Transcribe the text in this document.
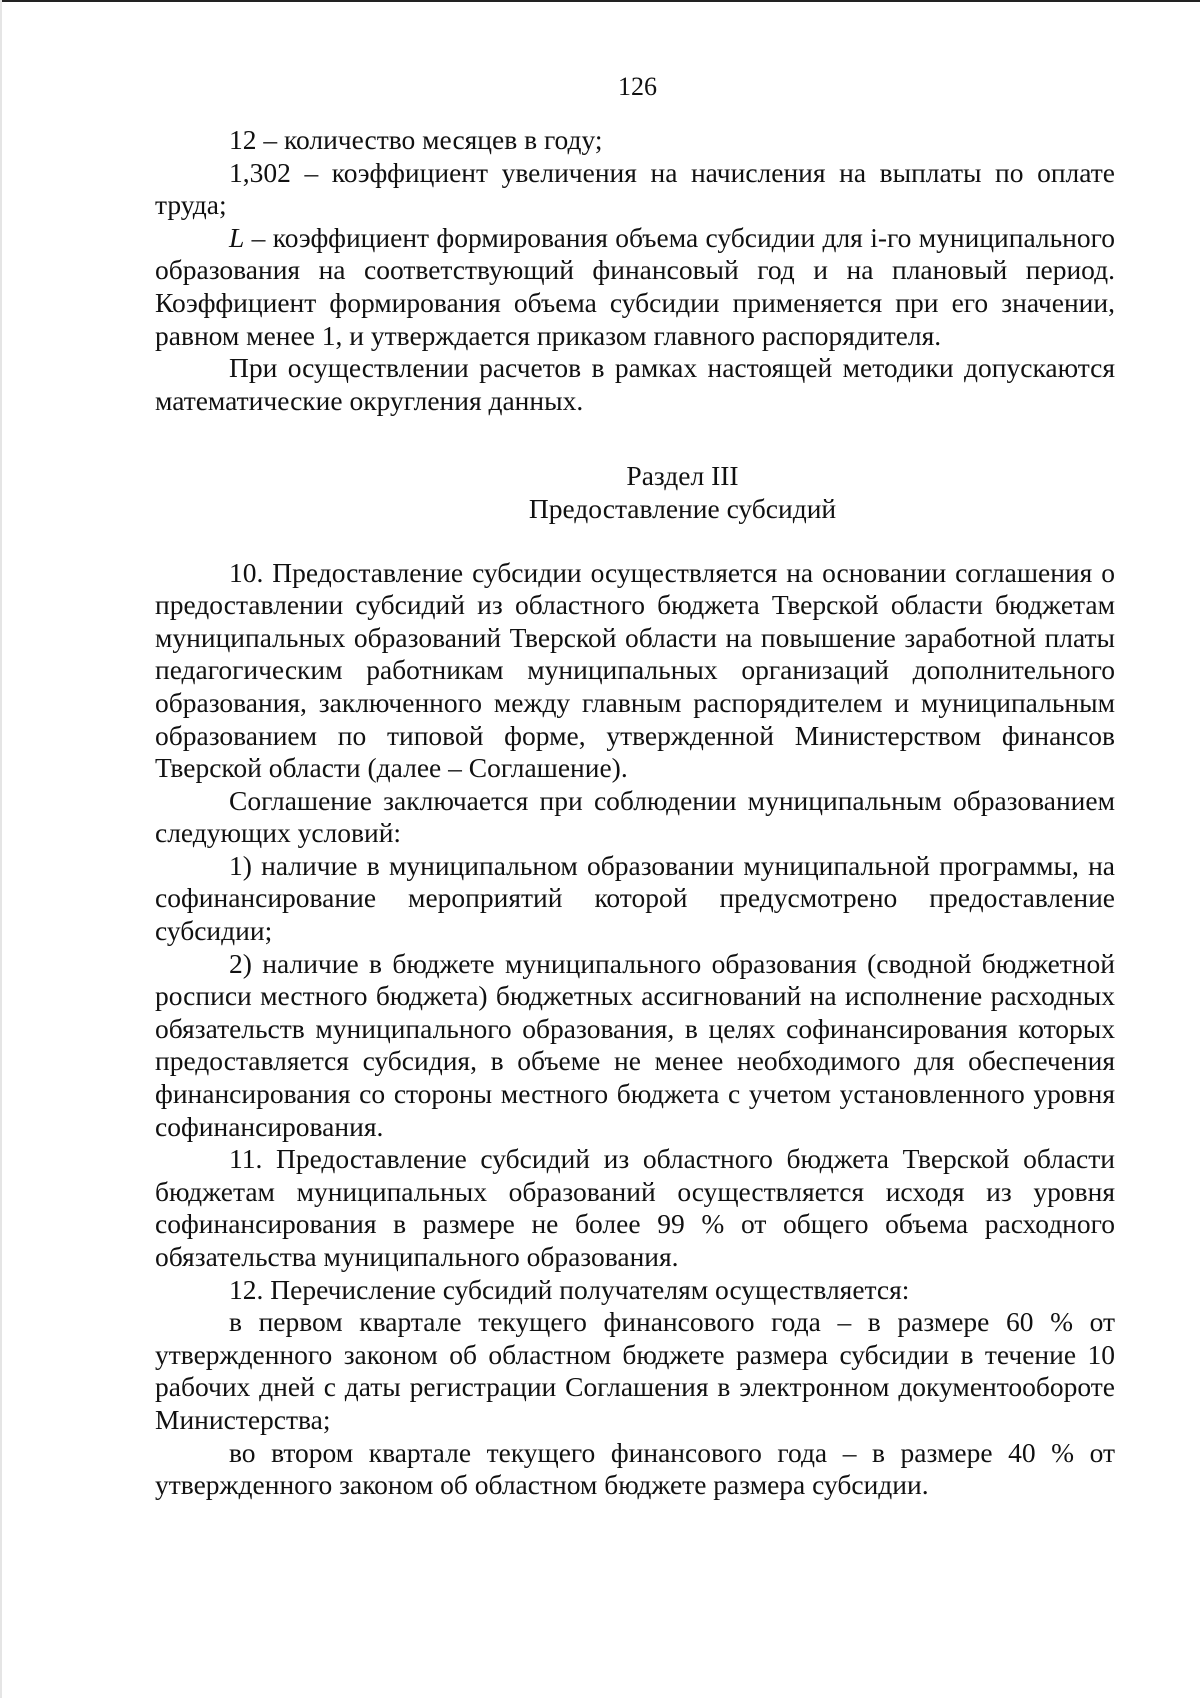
126

12 – количество месяцев в году;

1,302 – коэффициент увеличения на начисления на выплаты по оплате труда;

L – коэффициент формирования объема субсидии для i-го муниципального образования на соответствующий финансовый год и на плановый период. Коэффициент формирования объема субсидии применяется при его значении, равном менее 1, и утверждается приказом главного распорядителя.

При осуществлении расчетов в рамках настоящей методики допускаются математические округления данных.

Раздел III

Предоставление субсидий

10. Предоставление субсидии осуществляется на основании соглашения о предоставлении субсидий из областного бюджета Тверской области бюджетам муниципальных образований Тверской области на повышение заработной платы педагогическим работникам муниципальных организаций дополнительного образования, заключенного между главным распорядителем и муниципальным образованием по типовой форме, утвержденной Министерством финансов Тверской области (далее – Соглашение).

Соглашение заключается при соблюдении муниципальным образованием следующих условий:

1) наличие в муниципальном образовании муниципальной программы, на софинансирование мероприятий которой предусмотрено предоставление субсидии;

2) наличие в бюджете муниципального образования (сводной бюджетной росписи местного бюджета) бюджетных ассигнований на исполнение расходных обязательств муниципального образования, в целях софинансирования которых предоставляется субсидия, в объеме не менее необходимого для обеспечения финансирования со стороны местного бюджета с учетом установленного уровня софинансирования.

11. Предоставление субсидий из областного бюджета Тверской области бюджетам муниципальных образований осуществляется исходя из уровня софинансирования в размере не более 99 % от общего объема расходного обязательства муниципального образования.

12. Перечисление субсидий получателям осуществляется:

в первом квартале текущего финансового года – в размере 60 % от утвержденного законом об областном бюджете размера субсидии в течение 10 рабочих дней с даты регистрации Соглашения в электронном документообороте Министерства;

во втором квартале текущего финансового года – в размере 40 % от утвержденного законом об областном бюджете размера субсидии.
